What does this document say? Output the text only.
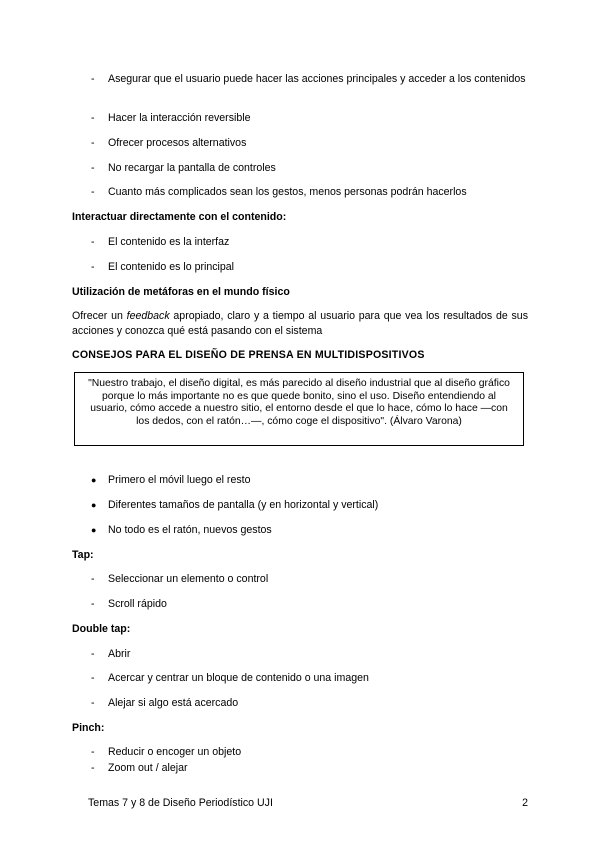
-	Asegurar que el usuario puede hacer las acciones principales y acceder a los contenidos
-	Hacer la interacción reversible
-	Ofrecer procesos alternativos
-	No recargar la pantalla de controles
-	Cuanto más complicados sean los gestos, menos personas podrán hacerlos
Interactuar directamente con el contenido:
-	El contenido es la interfaz
-	El contenido es lo principal
Utilización de metáforas en el mundo físico
Ofrecer un feedback apropiado, claro y a tiempo al usuario para que vea los resultados de sus acciones y conozca qué está pasando con el sistema
CONSEJOS PARA EL DISEÑO DE PRENSA EN MULTIDISPOSITIVOS
"Nuestro trabajo, el diseño digital, es más parecido al diseño industrial que al diseño gráfico porque lo más importante no es que quede bonito, sino el uso. Diseño entendiendo al usuario, cómo accede a nuestro sitio, el entorno desde el que lo hace, cómo lo hace —con los dedos, con el ratón…—, cómo coge el dispositivo". (Álvaro Varona)
●	Primero el móvil luego el resto
●	Diferentes tamaños de pantalla (y en horizontal y vertical)
●	No todo es el ratón, nuevos gestos
Tap:
-	Seleccionar un elemento o control
-	Scroll rápido
Double tap:
-	Abrir
-	Acercar y centrar un bloque de contenido o una imagen
-	Alejar si algo está acercado
Pinch:
-	Reducir o encoger un objeto
-	Zoom out / alejar
Temas 7 y 8 de Diseño Periodístico UJI	2
